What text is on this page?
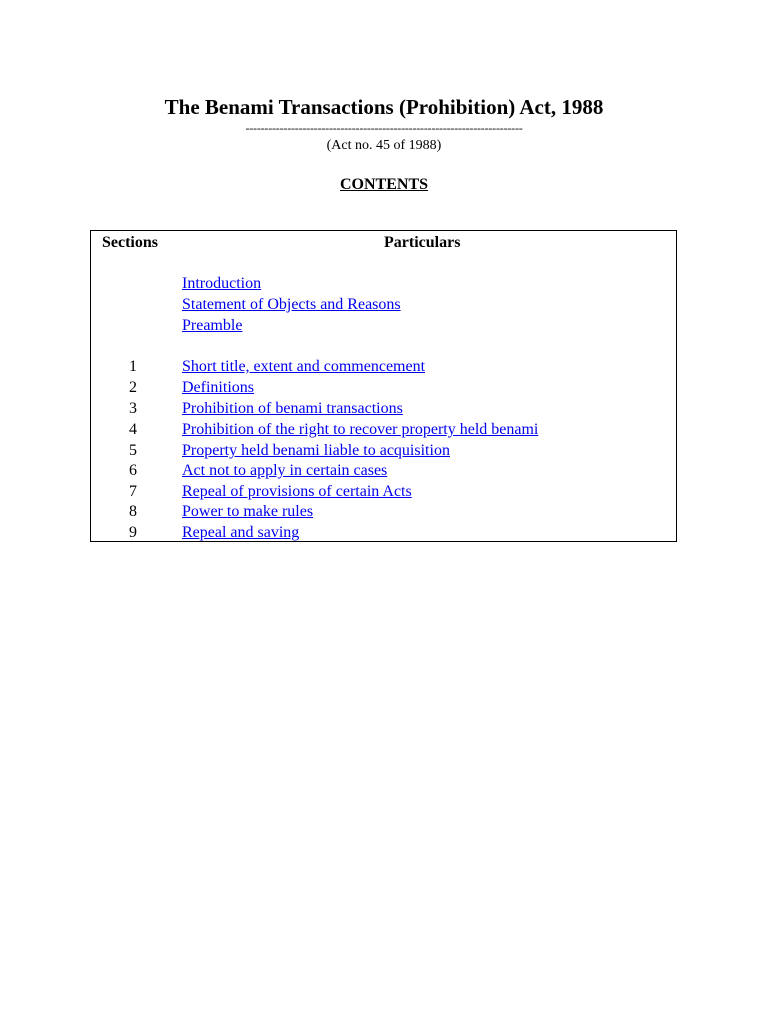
The Benami Transactions (Prohibition) Act, 1988
-------------------------------------------------------------------------
(Act no. 45 of 1988)
CONTENTS
Sections	Particulars
Introduction
Statement of Objects and Reasons
Preamble
1	Short title, extent and commencement
2	Definitions
3	Prohibition of benami transactions
4	Prohibition of the right to recover property held benami
5	Property held benami liable to acquisition
6	Act not to apply in certain cases
7	Repeal of provisions of certain Acts
8	Power to make rules
9	Repeal and saving
